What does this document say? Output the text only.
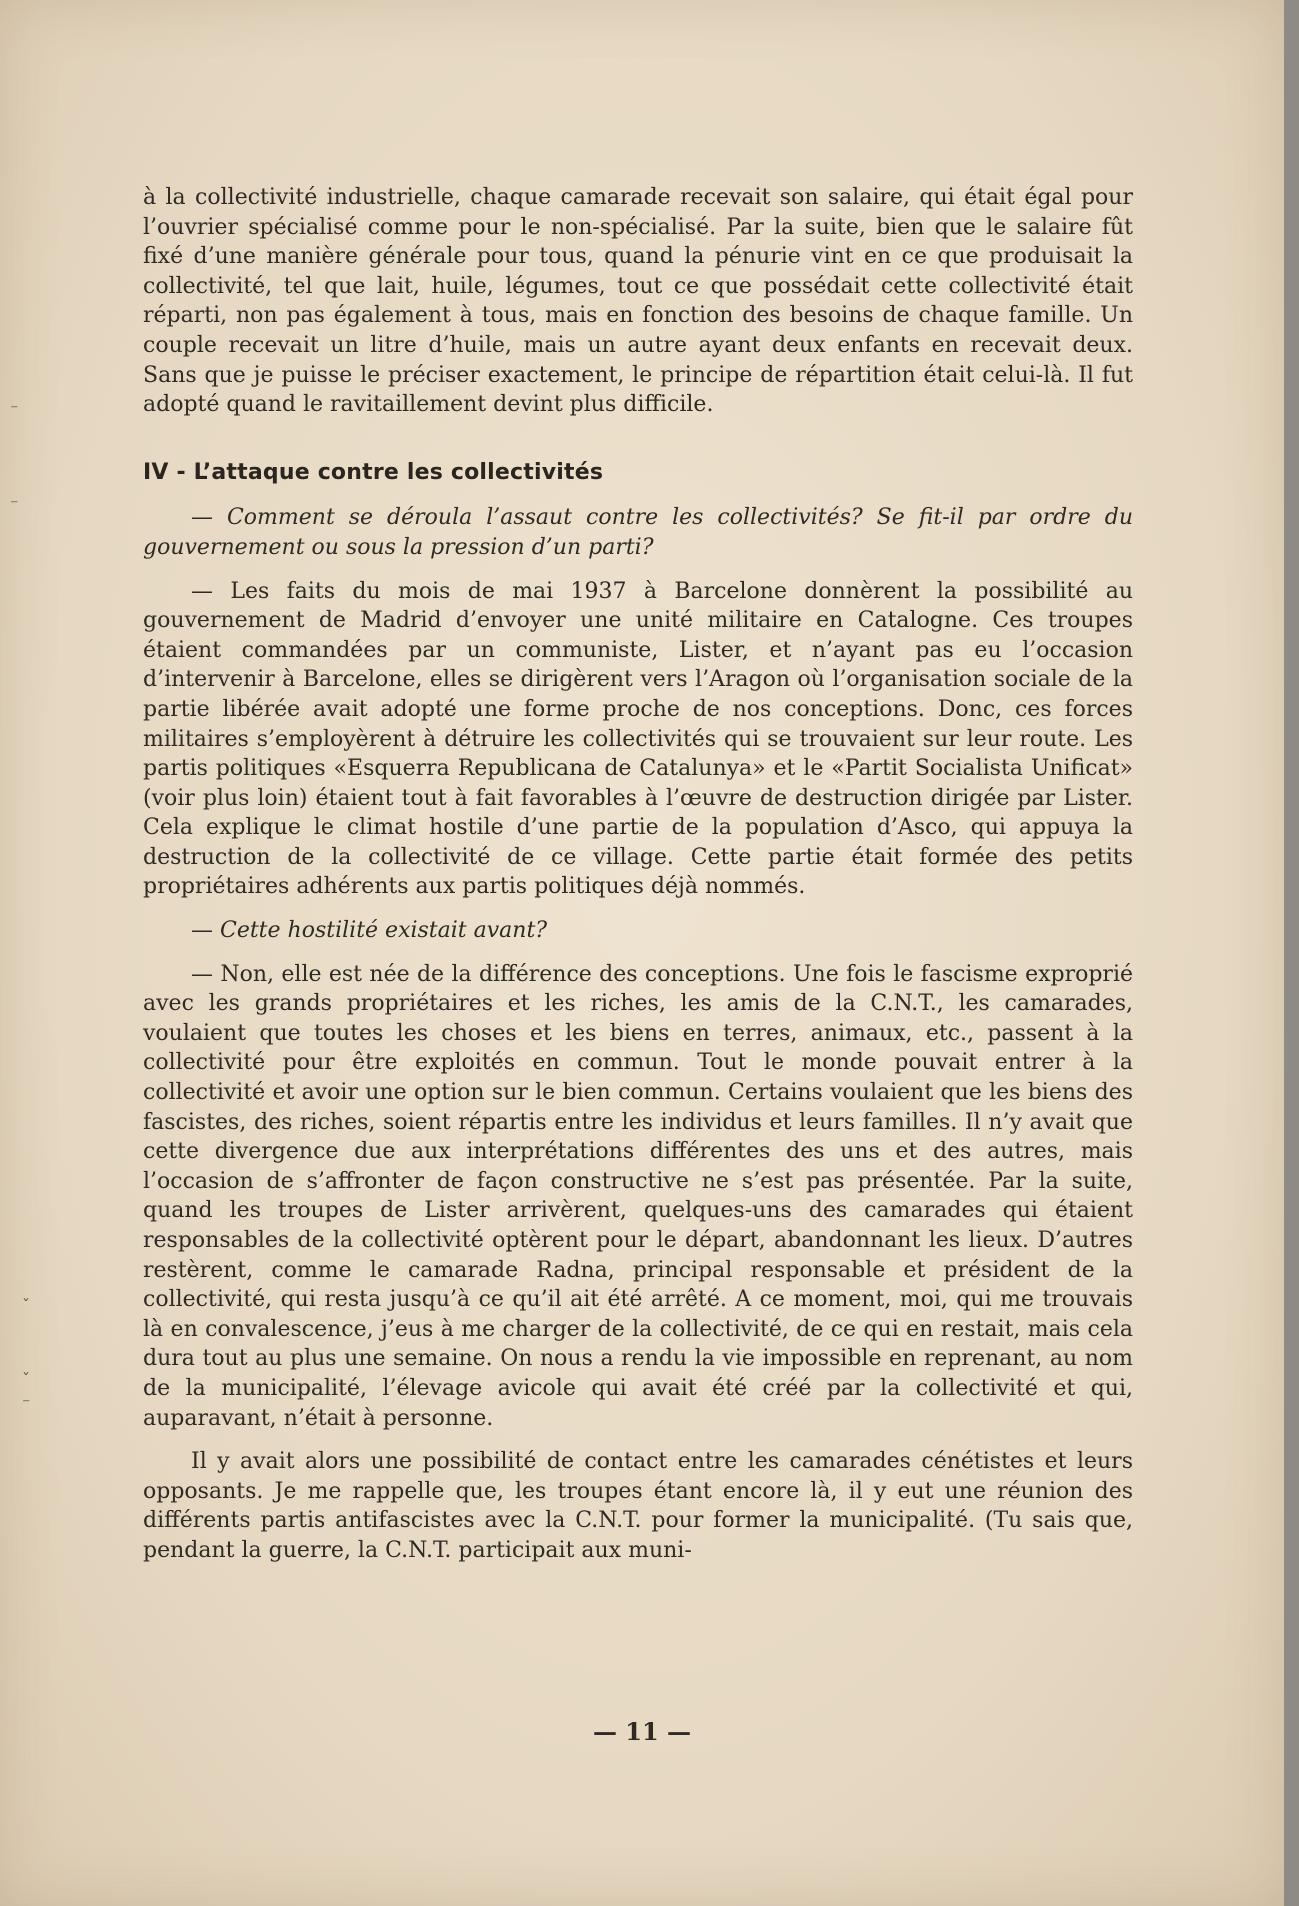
⁻
⁻
ˇ
ˇ
⁻

à la collectivité industrielle, chaque camarade recevait son salaire, qui était égal pour l’ouvrier spécialisé comme pour le non-spécialisé. Par la suite, bien que le salaire fût fixé d’une manière générale pour tous, quand la pénurie vint en ce que produisait la collectivité, tel que lait, huile, légumes, tout ce que possédait cette collectivité était réparti, non pas également à tous, mais en fonction des besoins de chaque famille. Un couple recevait un litre d’huile, mais un autre ayant deux enfants en recevait deux. Sans que je puisse le préciser exactement, le principe de répartition était celui-là. Il fut adopté quand le ravitaillement devint plus difficile.

IV - L’attaque contre les collectivités

— Comment se déroula l’assaut contre les collectivités? Se fit-il par ordre du gouvernement ou sous la pression d’un parti?

— Les faits du mois de mai 1937 à Barcelone donnèrent la possibilité au gouvernement de Madrid d’envoyer une unité militaire en Catalogne. Ces troupes étaient commandées par un communiste, Lister, et n’ayant pas eu l’occasion d’intervenir à Barcelone, elles se dirigèrent vers l’Aragon où l’organisation sociale de la partie libérée avait adopté une forme proche de nos conceptions. Donc, ces forces militaires s’employèrent à détruire les collectivités qui se trouvaient sur leur route. Les partis politiques «Esquerra Republicana de Catalunya» et le «Partit Socialista Unificat» (voir plus loin) étaient tout à fait favorables à l’œuvre de destruction dirigée par Lister. Cela explique le climat hostile d’une partie de la population d’Asco, qui appuya la destruction de la collectivité de ce village. Cette partie était formée des petits propriétaires adhérents aux partis politiques déjà nommés.

— Cette hostilité existait avant?

— Non, elle est née de la différence des conceptions. Une fois le fascisme exproprié avec les grands propriétaires et les riches, les amis de la C.N.T., les camarades, voulaient que toutes les choses et les biens en terres, animaux, etc., passent à la collectivité pour être exploités en commun. Tout le monde pouvait entrer à la collectivité et avoir une option sur le bien commun. Certains voulaient que les biens des fascistes, des riches, soient répartis entre les individus et leurs familles. Il n’y avait que cette divergence due aux interprétations différentes des uns et des autres, mais l’occasion de s’affronter de façon constructive ne s’est pas présentée. Par la suite, quand les troupes de Lister arrivèrent, quelques-uns des camarades qui étaient responsables de la collectivité optèrent pour le départ, abandonnant les lieux. D’autres restèrent, comme le camarade Radna, principal responsable et président de la collectivité, qui resta jusqu’à ce qu’il ait été arrêté. A ce moment, moi, qui me trouvais là en convalescence, j’eus à me charger de la collectivité, de ce qui en restait, mais cela dura tout au plus une semaine. On nous a rendu la vie impossible en reprenant, au nom de la municipalité, l’élevage avicole qui avait été créé par la collectivité et qui, auparavant, n’était à personne.

Il y avait alors une possibilité de contact entre les camarades cénétistes et leurs opposants. Je me rappelle que, les troupes étant encore là, il y eut une réunion des différents partis antifascistes avec la C.N.T. pour former la municipalité. (Tu sais que, pendant la guerre, la C.N.T. participait aux muni-

— 11 —
